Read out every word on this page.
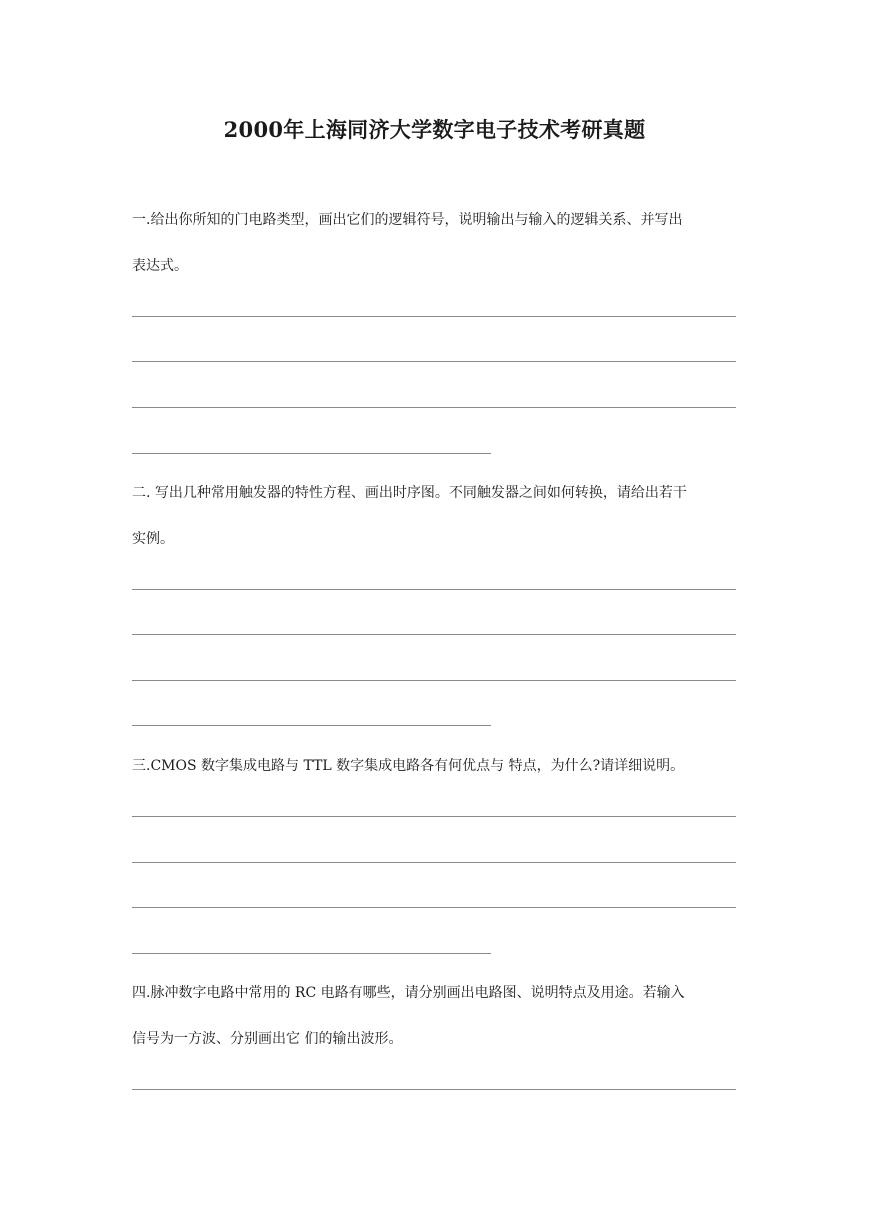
2000年上海同济大学数字电子技术考研真题

一.给出你所知的门电路类型，画出它们的逻辑符号，说明输出与输入的逻辑关系、并写出

表达式。

二. 写出几种常用触发器的特性方程、画出时序图。不同触发器之间如何转换，请给出若干

实例。

三.CMOS 数字集成电路与 TTL 数字集成电路各有何优点与 特点，为什么?请详细说明。

四.脉冲数字电路中常用的 RC 电路有哪些，请分别画出电路图、说明特点及用途。若输入

信号为一方波、分别画出它 们的输出波形。
